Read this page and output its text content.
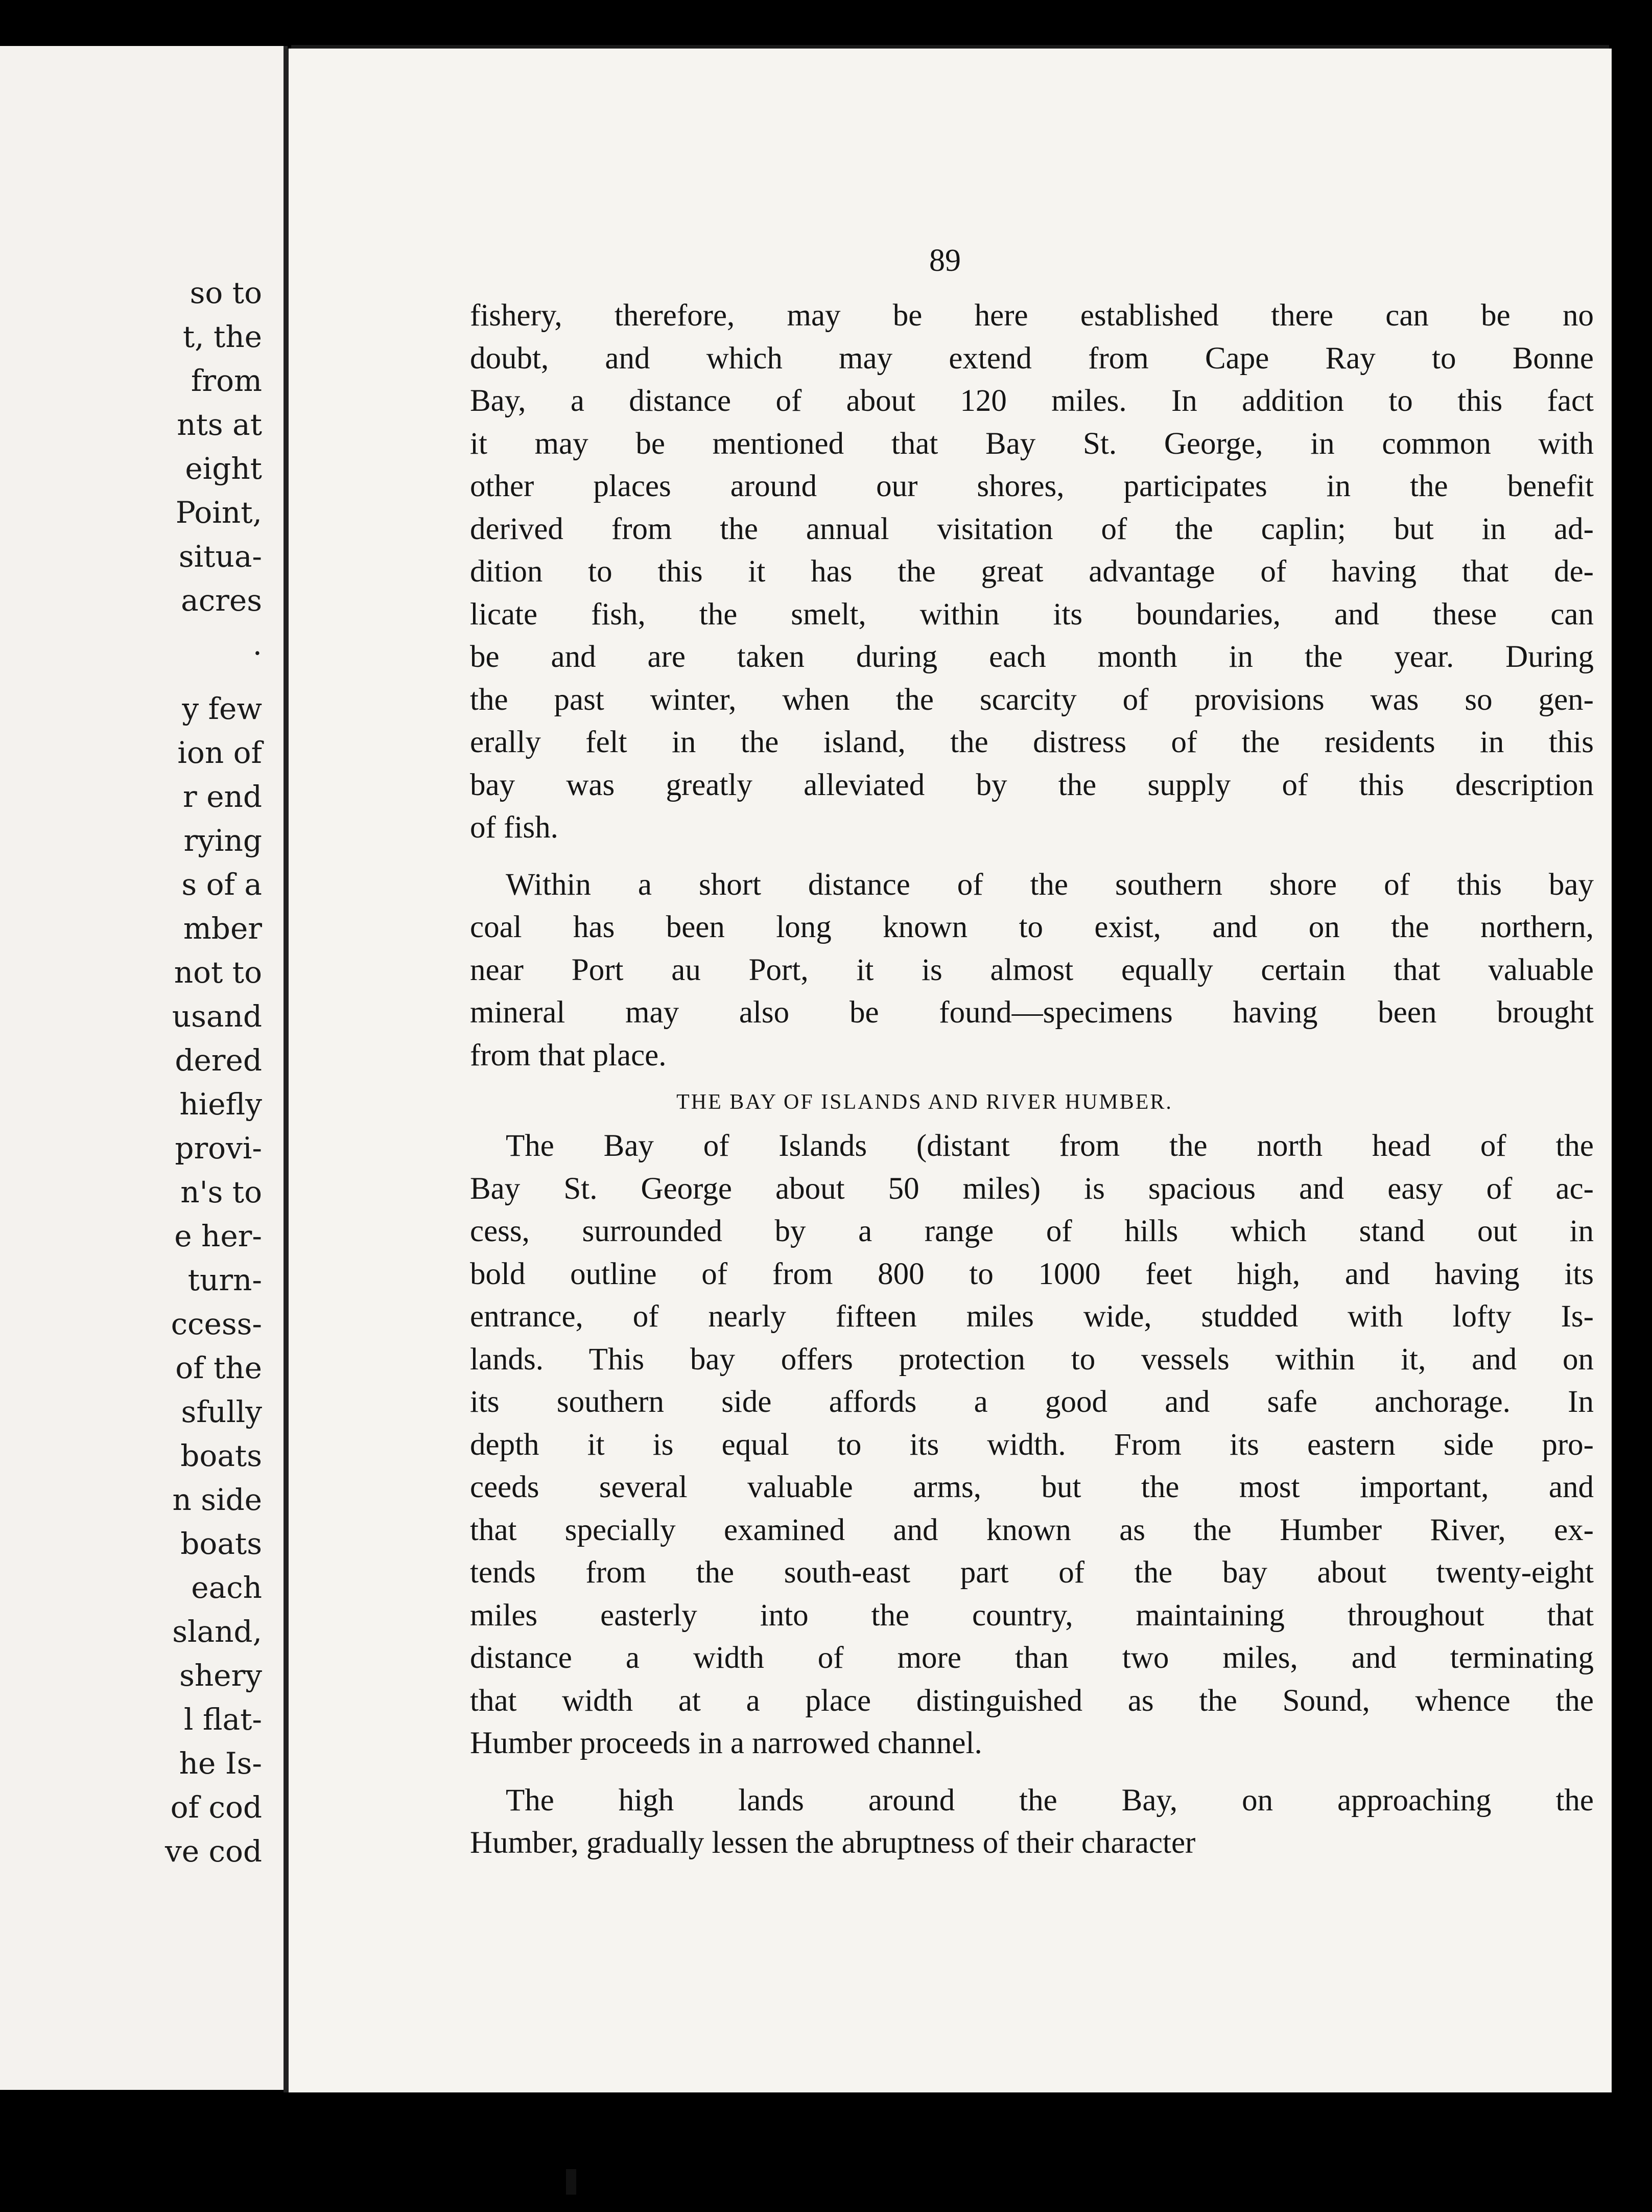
so to
t, the
from
nts at
eight
Point,
situa-
acres
.
y few
ion of
r end
rying
s of a
mber
not to
usand
dered
hiefly
provi-
n's to
e her-
turn-
ccess-
of the
sfully
boats
n side
boats
each
sland,
shery
l flat-
he Is-
of cod
ve cod
89
fishery, therefore, may be here established there can be no
doubt, and which may extend from Cape Ray to Bonne
Bay, a distance of about 120 miles. In addition to this fact
it may be mentioned that Bay St. George, in common with
other places around our shores, participates in the benefit
derived from the annual visitation of the caplin; but in ad-
dition to this it has the great advantage of having that de-
licate fish, the smelt, within its boundaries, and these can
be and are taken during each month in the year. During
the past winter, when the scarcity of provisions was so gen-
erally felt in the island, the distress of the residents in this
bay was greatly alleviated by the supply of this description
of fish.
Within a short distance of the southern shore of this bay
coal has been long known to exist, and on the northern,
near Port au Port, it is almost equally certain that valuable
mineral may also be found—specimens having been brought
from that place.
THE BAY OF ISLANDS AND RIVER HUMBER.
The Bay of Islands (distant from the north head of the
Bay St. George about 50 miles) is spacious and easy of ac-
cess, surrounded by a range of hills which stand out in
bold outline of from 800 to 1000 feet high, and having its
entrance, of nearly fifteen miles wide, studded with lofty Is-
lands. This bay offers protection to vessels within it, and on
its southern side affords a good and safe anchorage. In
depth it is equal to its width. From its eastern side pro-
ceeds several valuable arms, but the most important, and
that specially examined and known as the Humber River, ex-
tends from the south-east part of the bay about twenty-eight
miles easterly into the country, maintaining throughout that
distance a width of more than two miles, and terminating
that width at a place distinguished as the Sound, whence the
Humber proceeds in a narrowed channel.
The high lands around the Bay, on approaching the
Humber, gradually lessen the abruptness of their character
